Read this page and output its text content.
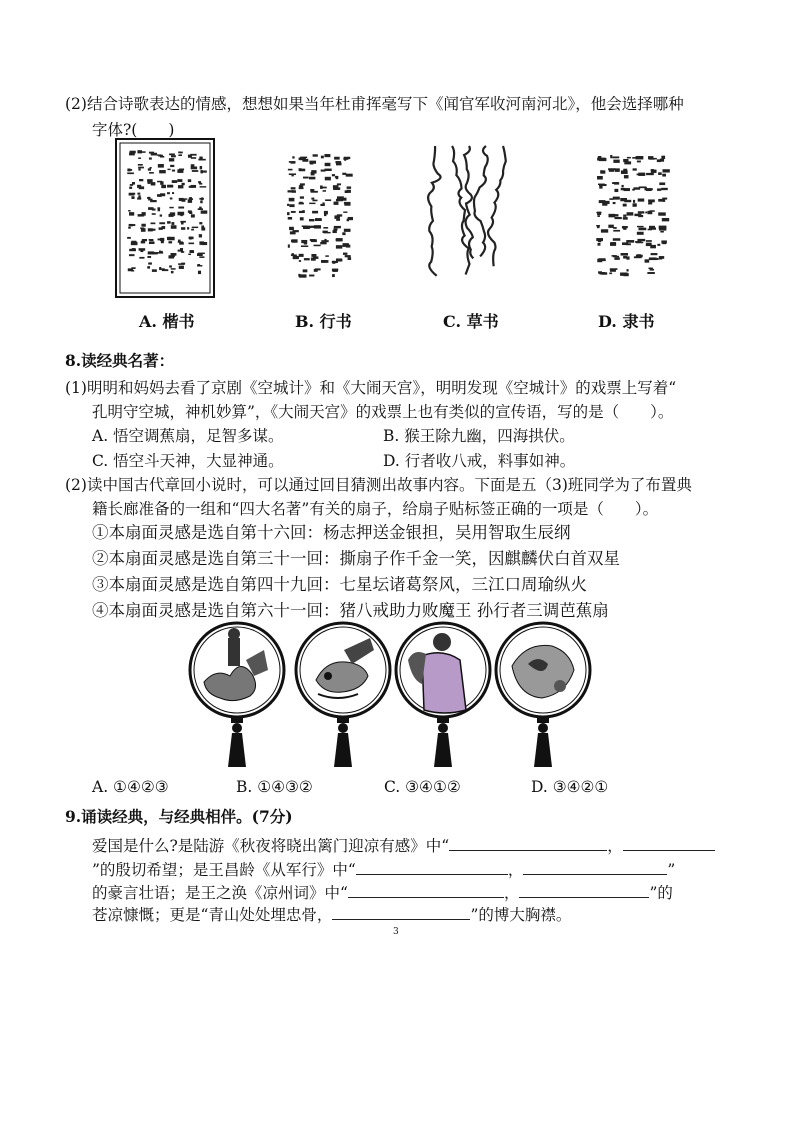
(2)结合诗歌表达的情感，想想如果当年杜甫挥毫写下《闻官军收河南河北》，他会选择哪种
字体?(　　)
A. 楷书	B. 行书	C. 草书	D. 隶书
8.读经典名著：
(1)明明和妈妈去看了京剧《空城计》和《大闹天宫》，明明发现《空城计》的戏票上写着“
孔明守空城，神机妙算”，《大闹天宫》的戏票上也有类似的宣传语，写的是（　　）。
A. 悟空调蕉扇，足智多谋。	B. 猴王除九幽，四海拱伏。
C. 悟空斗天神，大显神通。	D. 行者收八戒，料事如神。
(2)读中国古代章回小说时，可以通过回目猜测出故事内容。下面是五（3)班同学为了布置典
籍长廊准备的一组和“四大名著”有关的扇子，给扇子贴标签正确的一项是（　　）。
①本扇面灵感是选自第十六回：杨志押送金银担，吴用智取生辰纲
②本扇面灵感是选自第三十一回：撕扇子作千金一笑，因麒麟伏白首双星
③本扇面灵感是选自第四十九回：七星坛诸葛祭风，三江口周瑜纵火
④本扇面灵感是选自第六十一回：猪八戒助力败魔王 孙行者三调芭蕉扇
A. ①④②③	B. ①④③②	C. ③④①②	D. ③④②①
9.诵读经典，与经典相伴。(7分)
爱国是什么?是陆游《秋夜将晓出篱门迎凉有感》中“	，
”的殷切希望；是王昌龄《从军行》中“	，	”
的豪言壮语；是王之涣《凉州词》中“	，	”的
苍凉慷慨；更是“青山处处埋忠骨，	”的博大胸襟。
3
